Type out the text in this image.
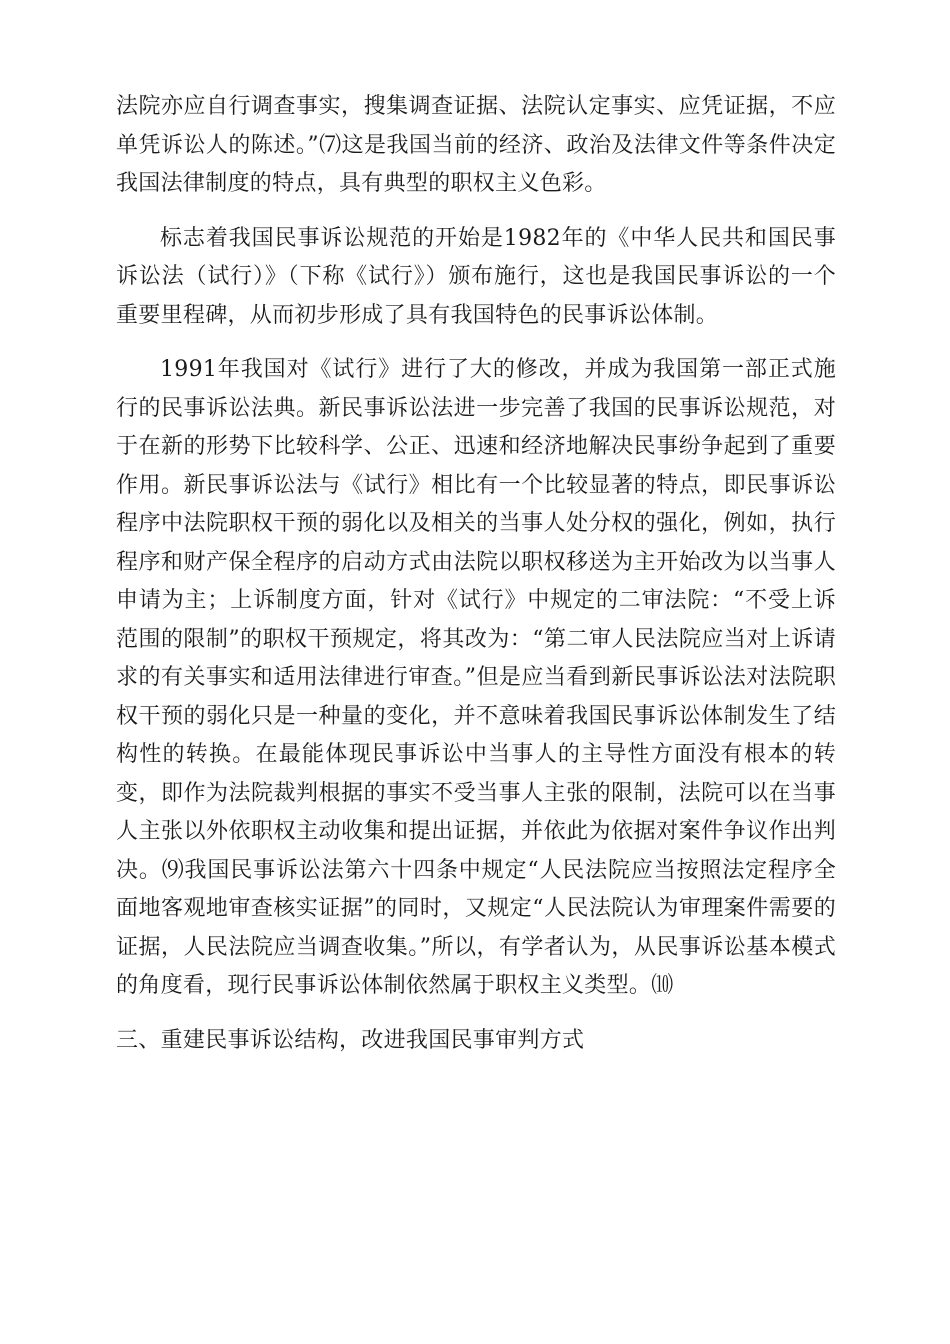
法院亦应自行调查事实，搜集调查证据、法院认定事实、应凭证据，不应单凭诉讼人的陈述。”⑺这是我国当前的经济、政治及法律文件等条件决定我国法律制度的特点，具有典型的职权主义色彩。

标志着我国民事诉讼规范的开始是1982年的《中华人民共和国民事诉讼法（试行）》（下称《试行》）颁布施行，这也是我国民事诉讼的一个重要里程碑，从而初步形成了具有我国特色的民事诉讼体制。

1991年我国对《试行》进行了大的修改，并成为我国第一部正式施行的民事诉讼法典。新民事诉讼法进一步完善了我国的民事诉讼规范，对于在新的形势下比较科学、公正、迅速和经济地解决民事纷争起到了重要作用。新民事诉讼法与《试行》相比有一个比较显著的特点，即民事诉讼程序中法院职权干预的弱化以及相关的当事人处分权的强化，例如，执行程序和财产保全程序的启动方式由法院以职权移送为主开始改为以当事人申请为主；上诉制度方面，针对《试行》中规定的二审法院：“不受上诉范围的限制”的职权干预规定，将其改为：“第二审人民法院应当对上诉请求的有关事实和适用法律进行审查。”但是应当看到新民事诉讼法对法院职权干预的弱化只是一种量的变化，并不意味着我国民事诉讼体制发生了结构性的转换。在最能体现民事诉讼中当事人的主导性方面没有根本的转变，即作为法院裁判根据的事实不受当事人主张的限制，法院可以在当事人主张以外依职权主动收集和提出证据，并依此为依据对案件争议作出判决。⑼我国民事诉讼法第六十四条中规定“人民法院应当按照法定程序全面地客观地审查核实证据”的同时，又规定“人民法院认为审理案件需要的证据，人民法院应当调查收集。”所以，有学者认为，从民事诉讼基本模式的角度看，现行民事诉讼体制依然属于职权主义类型。⑽

三、重建民事诉讼结构，改进我国民事审判方式
